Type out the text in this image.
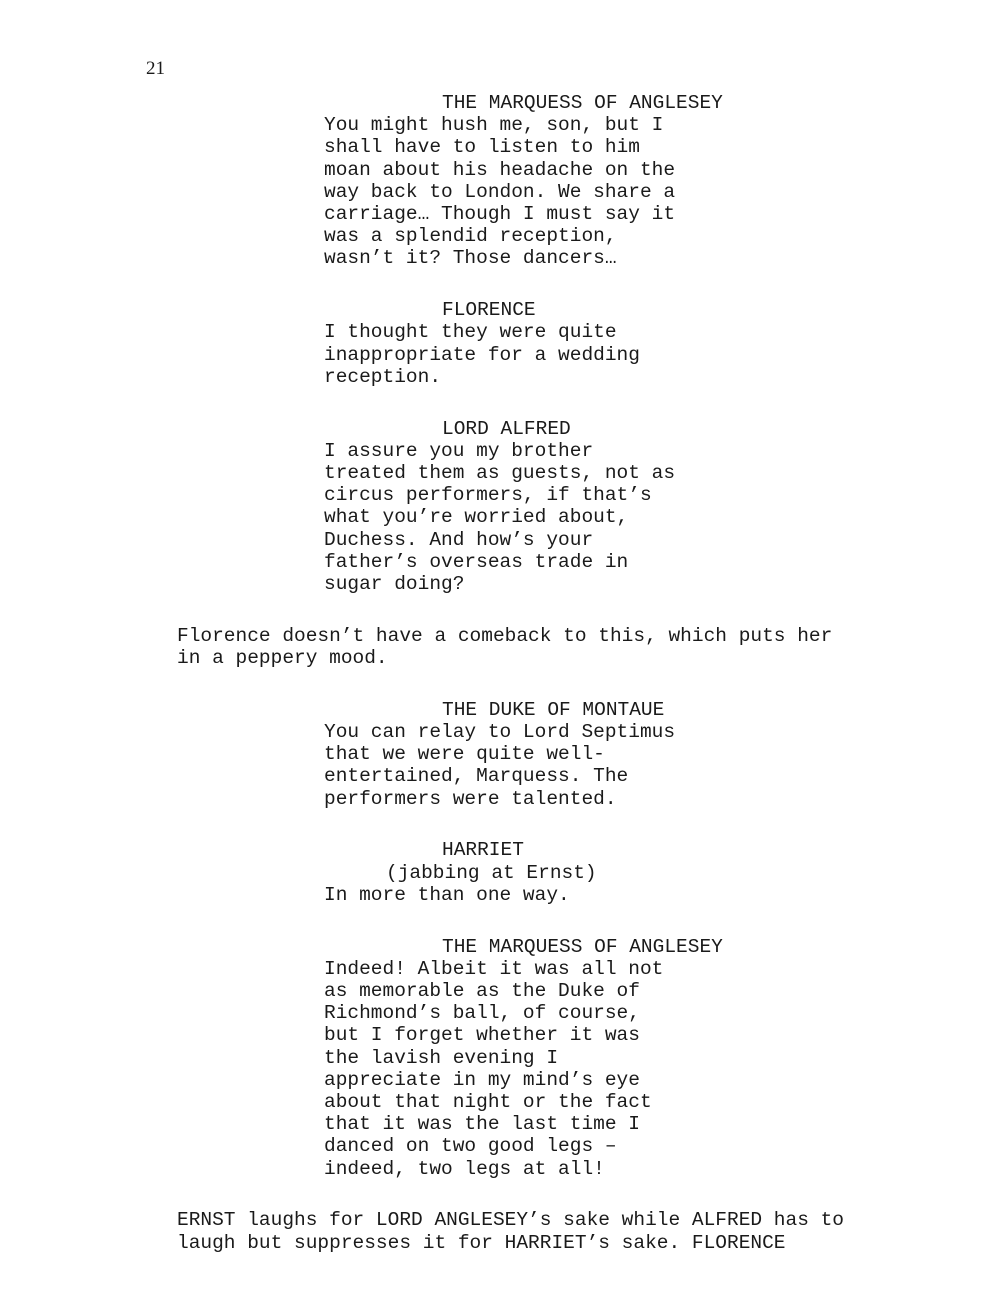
21
THE MARQUESS OF ANGLESEY
You might hush me, son, but I
shall have to listen to him
moan about his headache on the
way back to London. We share a
carriage… Though I must say it
was a splendid reception,
wasn’t it? Those dancers…
FLORENCE
I thought they were quite
inappropriate for a wedding
reception.
LORD ALFRED
I assure you my brother
treated them as guests, not as
circus performers, if that’s
what you’re worried about,
Duchess. And how’s your
father’s overseas trade in
sugar doing?
Florence doesn’t have a comeback to this, which puts her
in a peppery mood.
THE DUKE OF MONTAUE
You can relay to Lord Septimus
that we were quite well-
entertained, Marquess. The
performers were talented.
HARRIET
(jabbing at Ernst)
In more than one way.
THE MARQUESS OF ANGLESEY
Indeed! Albeit it was all not
as memorable as the Duke of
Richmond’s ball, of course,
but I forget whether it was
the lavish evening I
appreciate in my mind’s eye
about that night or the fact
that it was the last time I
danced on two good legs –
indeed, two legs at all!
ERNST laughs for LORD ANGLESEY’s sake while ALFRED has to
laugh but suppresses it for HARRIET’s sake. FLORENCE
